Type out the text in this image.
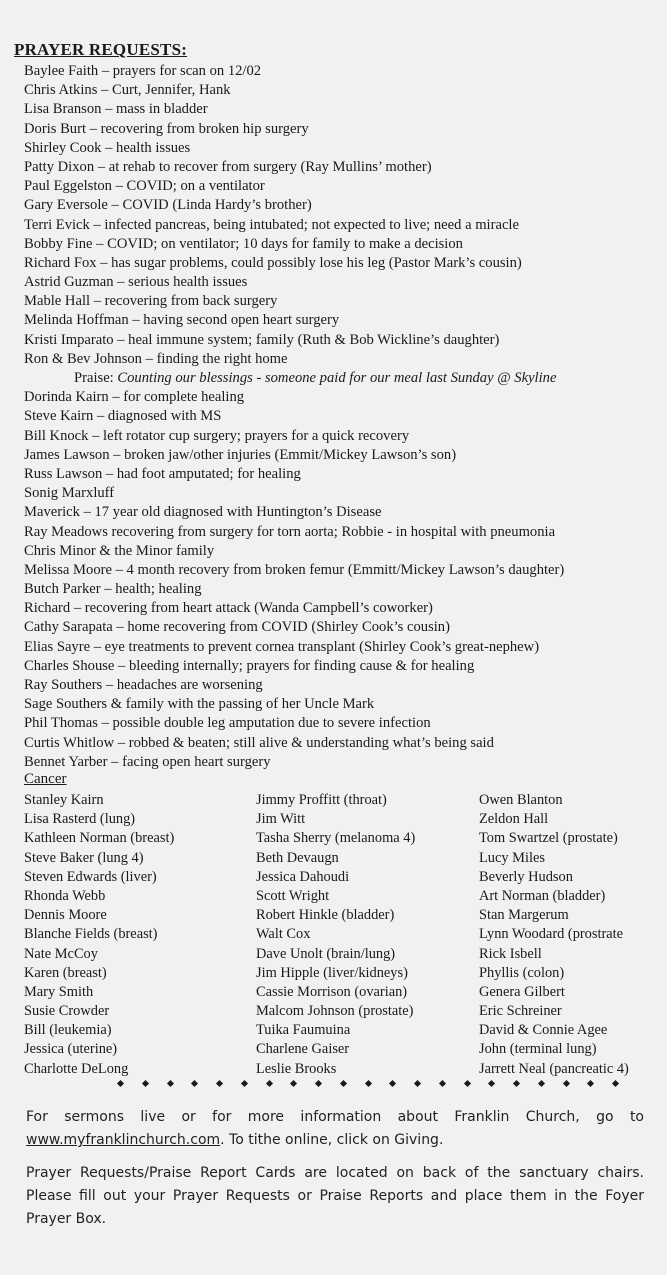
PRAYER REQUESTS:
Baylee Faith – prayers for scan on 12/02
Chris Atkins – Curt, Jennifer, Hank
Lisa Branson – mass in bladder
Doris Burt – recovering from broken hip surgery
Shirley Cook – health issues
Patty Dixon – at rehab to recover from surgery (Ray Mullins’ mother)
Paul Eggelston – COVID; on a ventilator
Gary Eversole – COVID (Linda Hardy’s brother)
Terri Evick – infected pancreas, being intubated; not expected to live; need a miracle
Bobby Fine – COVID; on ventilator; 10 days for family to make a decision
Richard Fox – has sugar problems, could possibly lose his leg (Pastor Mark’s cousin)
Astrid Guzman – serious health issues
Mable Hall – recovering from back surgery
Melinda Hoffman – having second open heart surgery
Kristi Imparato – heal immune system; family (Ruth & Bob Wickline’s daughter)
Ron & Bev Johnson – finding the right home
Praise: Counting our blessings - someone paid for our meal last Sunday @ Skyline
Dorinda Kairn – for complete healing
Steve Kairn – diagnosed with MS
Bill Knock – left rotator cup surgery; prayers for a quick recovery
James Lawson – broken jaw/other injuries (Emmit/Mickey Lawson’s son)
Russ Lawson – had foot amputated; for healing
Sonig Marxluff
Maverick – 17 year old diagnosed with Huntington’s Disease
Ray Meadows recovering from surgery for torn aorta; Robbie - in hospital with pneumonia
Chris Minor & the Minor family
Melissa Moore – 4 month recovery from broken femur (Emmitt/Mickey Lawson’s daughter)
Butch Parker – health; healing
Richard – recovering from heart attack (Wanda Campbell’s coworker)
Cathy Sarapata – home recovering from COVID (Shirley Cook’s cousin)
Elias Sayre – eye treatments to prevent cornea transplant (Shirley Cook’s great-nephew)
Charles Shouse – bleeding internally; prayers for finding cause & for healing
Ray Southers – headaches are worsening
Sage Southers & family with the passing of her Uncle Mark
Phil Thomas – possible double leg amputation due to severe infection
Curtis Whitlow – robbed & beaten; still alive & understanding what’s being said
Bennet Yarber – facing open heart surgery
Cancer
Stanley Kairn
Lisa Rasterd (lung)
Kathleen Norman (breast)
Steve Baker (lung 4)
Steven Edwards (liver)
Rhonda Webb
Dennis Moore
Blanche Fields (breast)
Nate McCoy
Karen (breast)
Mary Smith
Susie Crowder
Bill (leukemia)
Jessica (uterine)
Charlotte DeLong
Jimmy Proffitt (throat)
Jim Witt
Tasha Sherry (melanoma 4)
Beth Devaugn
Jessica Dahoudi
Scott Wright
Robert Hinkle (bladder)
Walt Cox
Dave Unolt (brain/lung)
Jim Hipple (liver/kidneys)
Cassie Morrison (ovarian)
Malcom Johnson (prostate)
Tuika Faumuina
Charlene Gaiser
Leslie Brooks
Owen Blanton
Zeldon Hall
Tom Swartzel (prostate)
Lucy Miles
Beverly Hudson
Art Norman (bladder)
Stan Margerum
Lynn Woodard (prostrate
Rick Isbell
Phyllis (colon)
Genera Gilbert
Eric Schreiner
David & Connie Agee
John (terminal lung)
Jarrett Neal (pancreatic 4)
For sermons live or for more information about Franklin Church, go to www.myfranklinchurch.com. To tithe online, click on Giving.
Prayer Requests/Praise Report Cards are located on back of the sanctuary chairs. Please fill out your Prayer Requests or Praise Reports and place them in the Foyer Prayer Box.
